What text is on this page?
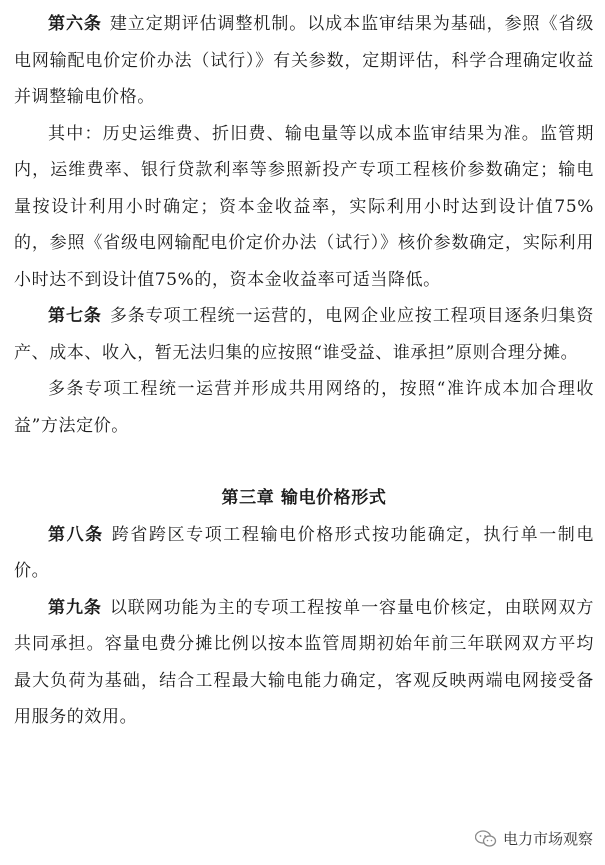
第六条 建立定期评估调整机制。以成本监审结果为基础，参照《省级电网输配电价定价办法（试行）》有关参数，定期评估，科学合理确定收益并调整输电价格。

其中：历史运维费、折旧费、输电量等以成本监审结果为准。监管期内，运维费率、银行贷款利率等参照新投产专项工程核价参数确定；输电量按设计利用小时确定；资本金收益率，实际利用小时达到设计值75%的，参照《省级电网输配电价定价办法（试行）》核价参数确定，实际利用小时达不到设计值75%的，资本金收益率可适当降低。

第七条 多条专项工程统一运营的，电网企业应按工程项目逐条归集资产、成本、收入，暂无法归集的应按照“谁受益、谁承担”原则合理分摊。

多条专项工程统一运营并形成共用网络的，按照“准许成本加合理收益”方法定价。

第三章 输电价格形式

第八条 跨省跨区专项工程输电价格形式按功能确定，执行单一制电价。

第九条 以联网功能为主的专项工程按单一容量电价核定，由联网双方共同承担。容量电费分摊比例以按本监管周期初始年前三年联网双方平均最大负荷为基础，结合工程最大输电能力确定，客观反映两端电网接受备用服务的效用。

电力市场观察
